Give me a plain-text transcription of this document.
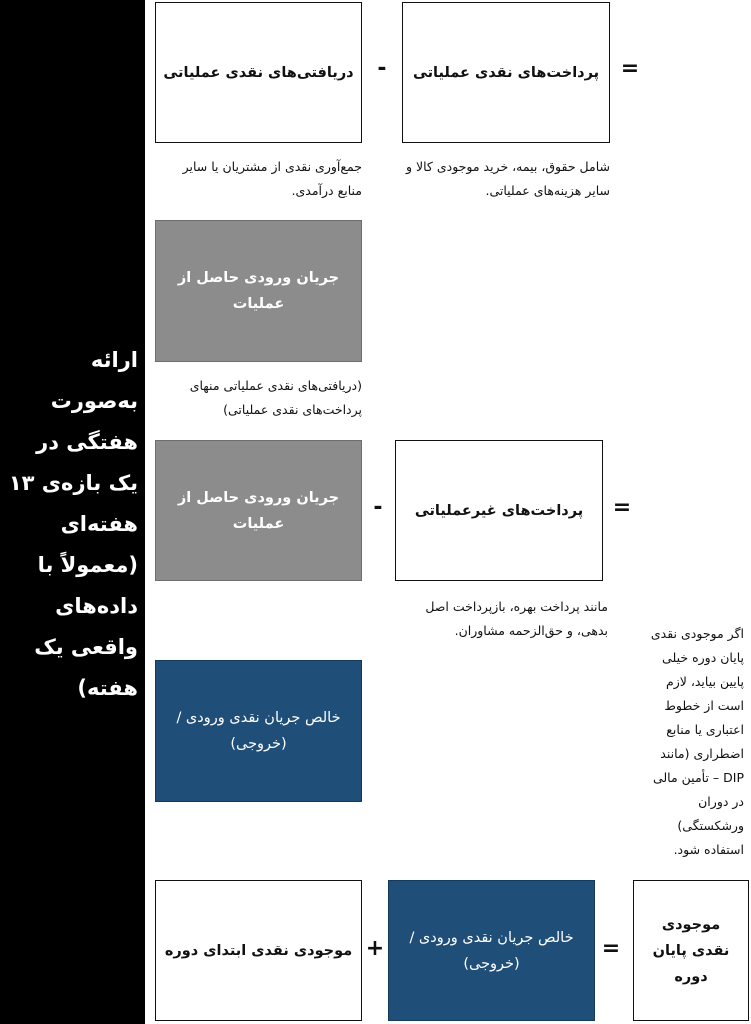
ارائه به‌صورت هفتگی در یک بازه‌ی ۱۳ هفته‌ای (معمولاً با داده‌های واقعی یک هفته)
دریافتی‌های نقدی عملیاتی -	پرداخت‌های نقدی عملیاتی =
جمع‌آوری نقدی از مشتریان یا سایر منابع درآمدی.
شامل حقوق، بیمه، خرید موجودی کالا و سایر هزینه‌های عملیاتی.
جریان ورودی حاصل از عملیات
(دریافتی‌های نقدی عملیاتی منهای پرداخت‌های نقدی عملیاتی)
جریان ورودی حاصل از عملیات
-	پرداخت‌های غیرعملیاتی =
مانند پرداخت بهره، بازپرداخت اصل بدهی، و حق‌الزحمه مشاوران.
خالص جریان نقدی ورودی / (خروجی)
اگر موجودی نقدی پایان دوره خیلی پایین بیاید، لازم است از خطوط اعتباری یا منابع اضطراری (مانند DIP – تأمین مالی در دوران ورشکستگی) استفاده شود.
موجودی نقدی ابتدای دوره +	خالص جریان نقدی ورودی / (خروجی)
=
موجودی نقدی پایان دوره
